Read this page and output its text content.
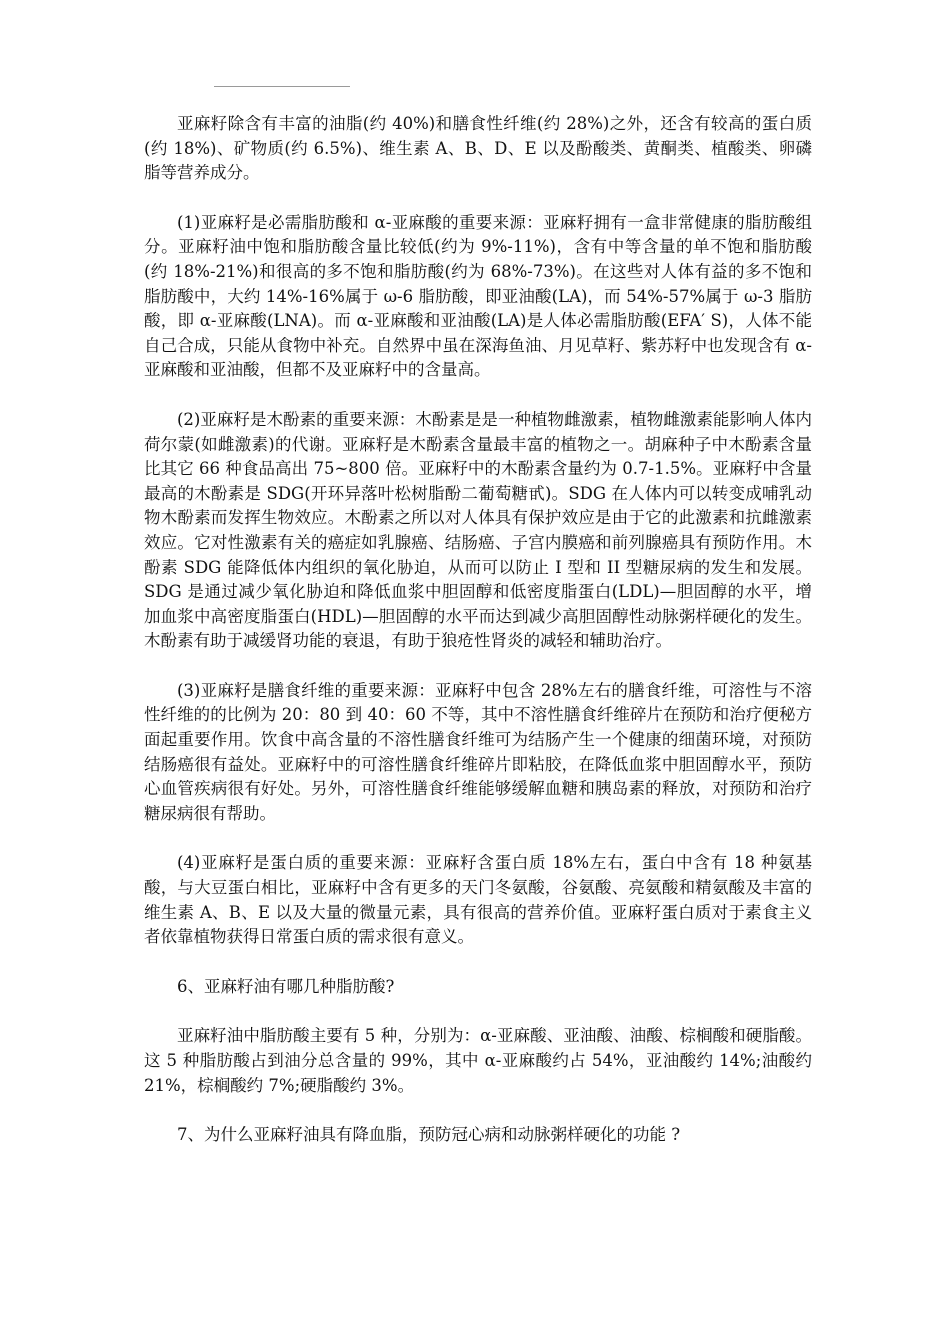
亚麻籽除含有丰富的油脂(约 40%)和膳食性纤维(约 28%)之外，还含有较高的蛋白质(约 18%)、矿物质(约 6.5%)、维生素 A、B、D、E 以及酚酸类、黄酮类、植酸类、卵磷脂等营养成分。

(1)亚麻籽是必需脂肪酸和 α-亚麻酸的重要来源：亚麻籽拥有一盒非常健康的脂肪酸组分。亚麻籽油中饱和脂肪酸含量比较低(约为 9%-11%)，含有中等含量的单不饱和脂肪酸(约 18%-21%)和很高的多不饱和脂肪酸(约为 68%-73%)。在这些对人体有益的多不饱和脂肪酸中，大约 14%-16%属于 ω-6 脂肪酸，即亚油酸(LA)，而 54%-57%属于 ω-3 脂肪酸，即 α-亚麻酸(LNA)。而 α-亚麻酸和亚油酸(LA)是人体必需脂肪酸(EFA′ S)，人体不能自己合成，只能从食物中补充。自然界中虽在深海鱼油、月见草籽、紫苏籽中也发现含有 α-亚麻酸和亚油酸，但都不及亚麻籽中的含量高。

(2)亚麻籽是木酚素的重要来源：木酚素是是一种植物雌激素，植物雌激素能影响人体内荷尔蒙(如雌激素)的代谢。亚麻籽是木酚素含量最丰富的植物之一。胡麻种子中木酚素含量比其它 66 种食品高出 75~800 倍。亚麻籽中的木酚素含量约为 0.7-1.5%。亚麻籽中含量最高的木酚素是 SDG(开环异落叶松树脂酚二葡萄糖甙)。SDG 在人体内可以转变成哺乳动物木酚素而发挥生物效应。木酚素之所以对人体具有保护效应是由于它的此激素和抗雌激素效应。它对性激素有关的癌症如乳腺癌、结肠癌、子宫内膜癌和前列腺癌具有预防作用。木酚素 SDG 能降低体内组织的氧化胁迫，从而可以防止 I 型和 II 型糖尿病的发生和发展。SDG 是通过减少氧化胁迫和降低血浆中胆固醇和低密度脂蛋白(LDL)—胆固醇的水平，增加血浆中高密度脂蛋白(HDL)—胆固醇的水平而达到减少高胆固醇性动脉粥样硬化的发生。木酚素有助于减缓肾功能的衰退，有助于狼疮性肾炎的减轻和辅助治疗。

(3)亚麻籽是膳食纤维的重要来源：亚麻籽中包含 28%左右的膳食纤维，可溶性与不溶性纤维的的比例为 20：80 到 40：60 不等，其中不溶性膳食纤维碎片在预防和治疗便秘方面起重要作用。饮食中高含量的不溶性膳食纤维可为结肠产生一个健康的细菌环境，对预防结肠癌很有益处。亚麻籽中的可溶性膳食纤维碎片即粘胶，在降低血浆中胆固醇水平，预防心血管疾病很有好处。另外，可溶性膳食纤维能够缓解血糖和胰岛素的释放，对预防和治疗糖尿病很有帮助。

(4)亚麻籽是蛋白质的重要来源：亚麻籽含蛋白质 18%左右，蛋白中含有 18 种氨基酸，与大豆蛋白相比，亚麻籽中含有更多的天门冬氨酸，谷氨酸、亮氨酸和精氨酸及丰富的维生素 A、B、E 以及大量的微量元素，具有很高的营养价值。亚麻籽蛋白质对于素食主义者依靠植物获得日常蛋白质的需求很有意义。

6、亚麻籽油有哪几种脂肪酸?

亚麻籽油中脂肪酸主要有 5 种，分别为：α-亚麻酸、亚油酸、油酸、棕榈酸和硬脂酸。这 5 种脂肪酸占到油分总含量的 99%，其中 α-亚麻酸约占 54%，亚油酸约 14%;油酸约 21%，棕榈酸约 7%;硬脂酸约 3%。

7、为什么亚麻籽油具有降血脂，预防冠心病和动脉粥样硬化的功能 ?
